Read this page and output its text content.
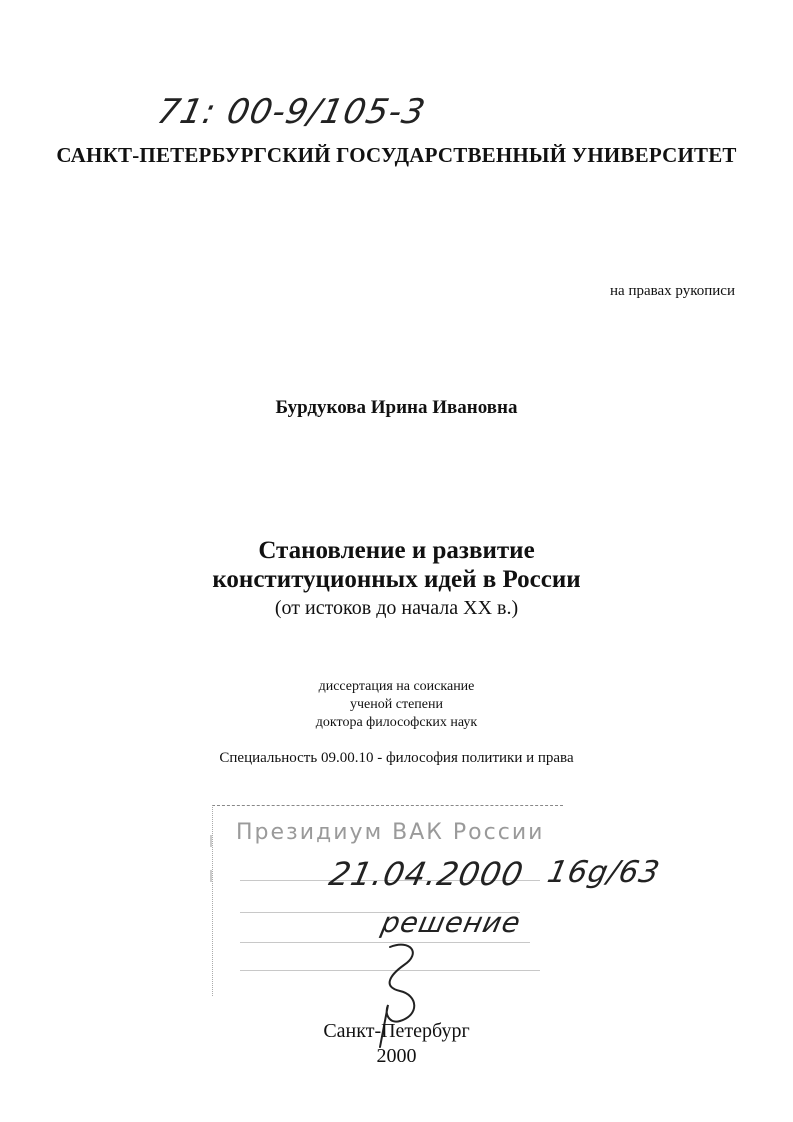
71: 00-9/105-3
САНКТ-ПЕТЕРБУРГСКИЙ ГОСУДАРСТВЕННЫЙ УНИВЕРСИТЕТ
на правах рукописи
Бурдукова Ирина Ивановна
Становление и развитие
конституционных идей в России
(от истоков до начала XX в.)
диссертация на соискание
ученой степени
доктора философских наук
Специальность 09.00.10 - философия политики и права
Президиум ВАК России
21.04.2000 16g/63
решение
Санкт-Петербург
2000
